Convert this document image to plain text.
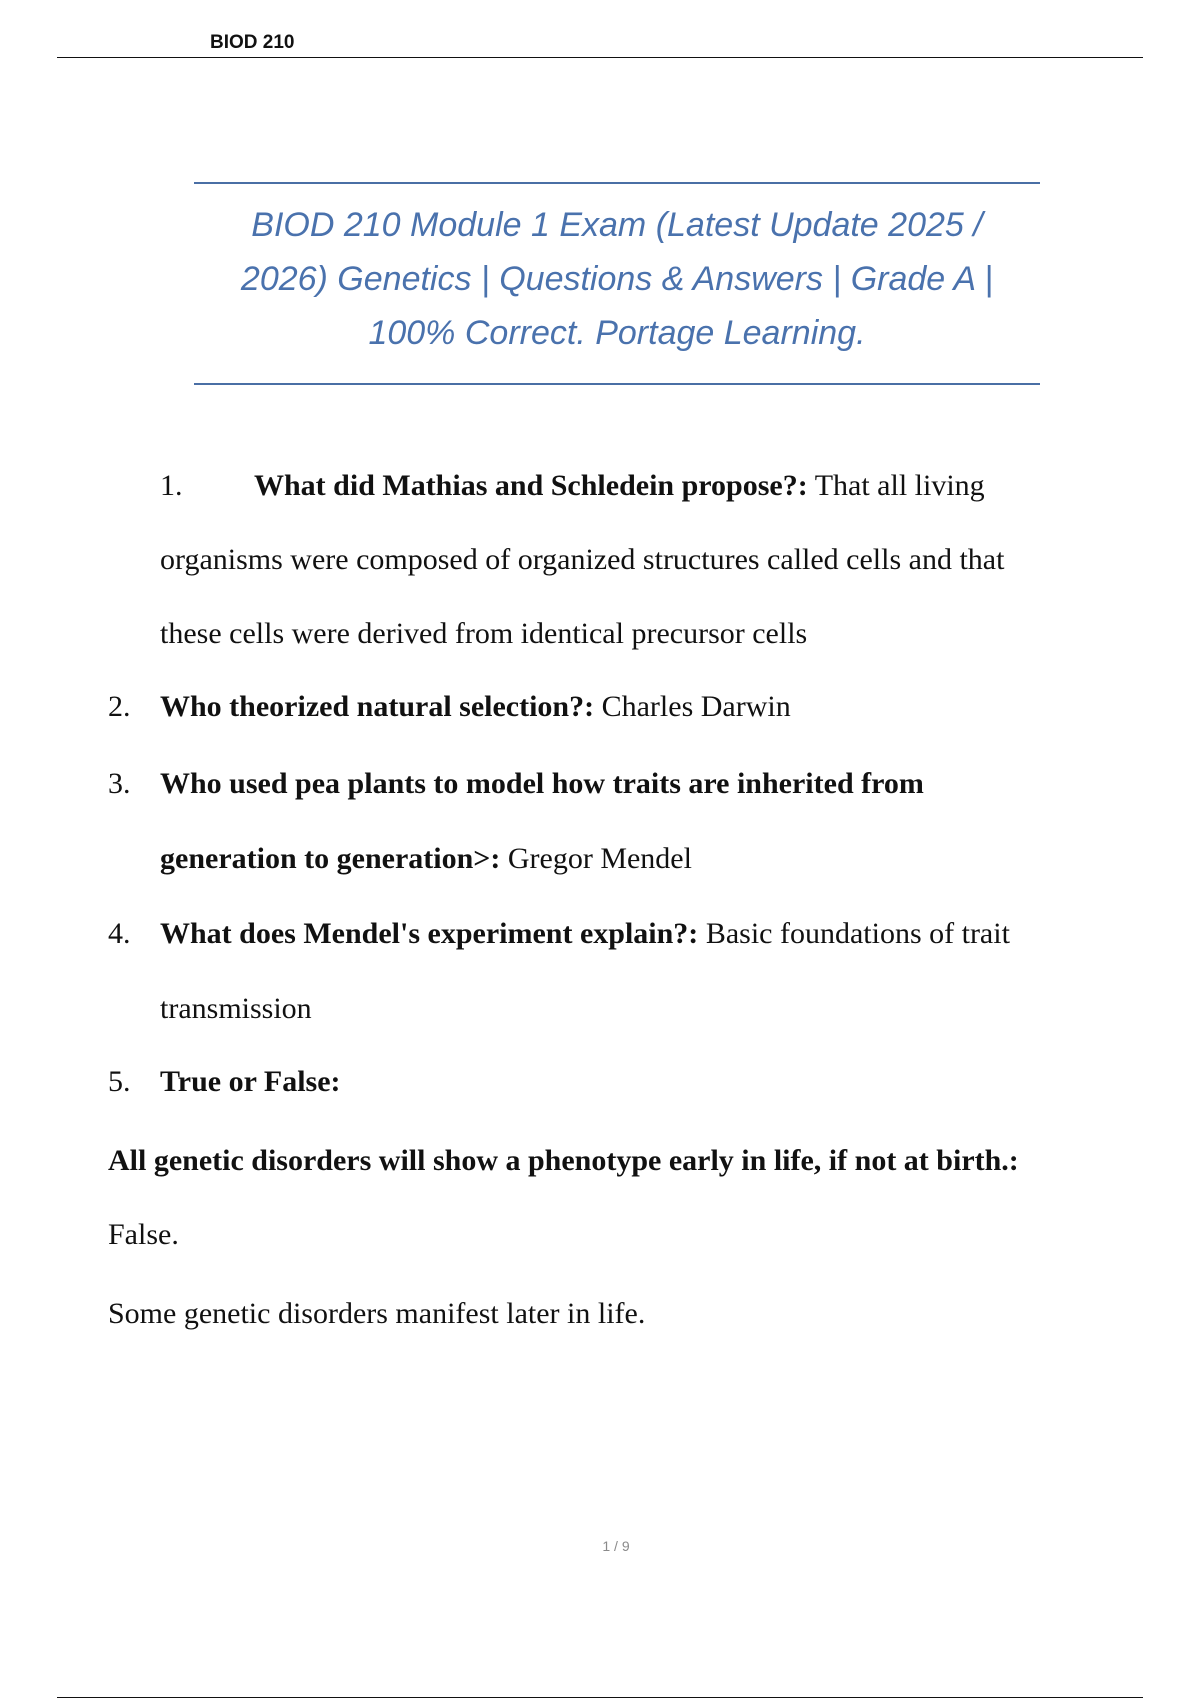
BIOD 210
BIOD 210 Module 1 Exam (Latest Update 2025 /
2026) Genetics | Questions & Answers | Grade A |
100% Correct. Portage Learning.
1. What did Mathias and Schledein propose?: That all living
organisms were composed of organized structures called cells and that
these cells were derived from identical precursor cells
2. Who theorized natural selection?: Charles Darwin
3. Who used pea plants to model how traits are inherited from
generation to generation>: Gregor Mendel
4. What does Mendel's experiment explain?: Basic foundations of trait
transmission
5. True or False:
All genetic disorders will show a phenotype early in life, if not at birth.:
False.
Some genetic disorders manifest later in life.
1 / 9
